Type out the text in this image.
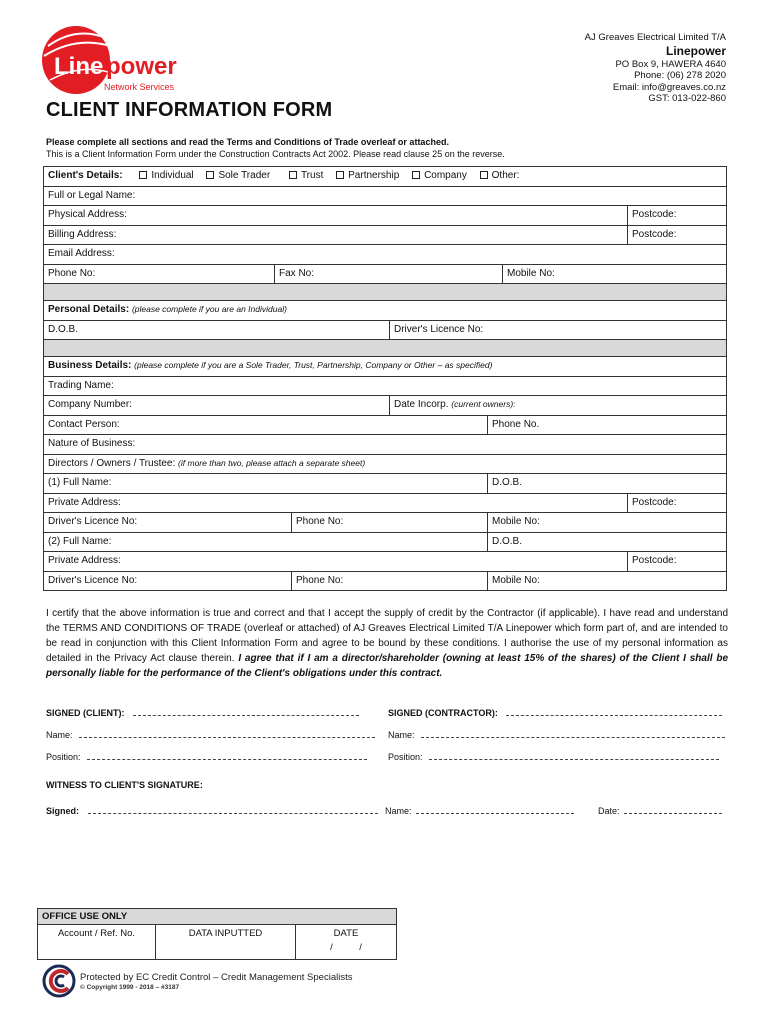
Line power
Network Services
AJ Greaves Electrical Limited T/A
Linepower
PO Box 9, HAWERA 4640
Phone: (06) 278 2020
Email: info@greaves.co.nz
GST: 013-022-860
CLIENT INFORMATION FORM
Please complete all sections and read the Terms and Conditions of Trade overleaf or attached.
This is a Client Information Form under the Construction Contracts Act 2002. Please read clause 25 on the reverse.
Client's Details:	Individual Sole Trader	Trust Partnership Company Other:
Full or Legal Name:
Physical Address:	Postcode:
Billing Address:	Postcode:
Email Address:
Phone No:	Fax No:	Mobile No:
Personal Details: (please complete if you are an Individual)
D.O.B.	Driver's Licence No:
Business Details: (please complete if you are a Sole Trader, Trust, Partnership, Company or Other – as specified)
Trading Name:
Company Number:	Date Incorp. (current owners):
Contact Person:	Phone No.
Nature of Business:
Directors / Owners / Trustee: (if more than two, please attach a separate sheet)
(1) Full Name:	D.O.B.
Private Address:	Postcode:
Driver's Licence No:	Phone No:	Mobile No:
(2) Full Name:	D.O.B.
Private Address:	Postcode:
Driver's Licence No:	Phone No:	Mobile No:
I certify that the above information is true and correct and that I accept the supply of credit by the Contractor (if applicable). I have read and understand the TERMS AND CONDITIONS OF TRADE (overleaf or attached) of AJ Greaves Electrical Limited T/A Linepower which form part of, and are intended to be read in conjunction with this Client Information Form and agree to be bound by these conditions. I authorise the use of my personal information as detailed in the Privacy Act clause therein. I agree that if I am a director/shareholder (owning at least 15% of the shares) of the Client I shall be personally liable for the performance of the Client's obligations under this contract.
SIGNED (CLIENT):	SIGNED (CONTRACTOR):
Name:	Name:
Position:	Position:
WITNESS TO CLIENT'S SIGNATURE:
Signed:	Name:	Date:
OFFICE USE ONLY
Account / Ref. No.	DATA INPUTTED	DATE
/          /
Protected by EC Credit Control – Credit Management Specialists
© Copyright 1999 - 2018 – #3187
